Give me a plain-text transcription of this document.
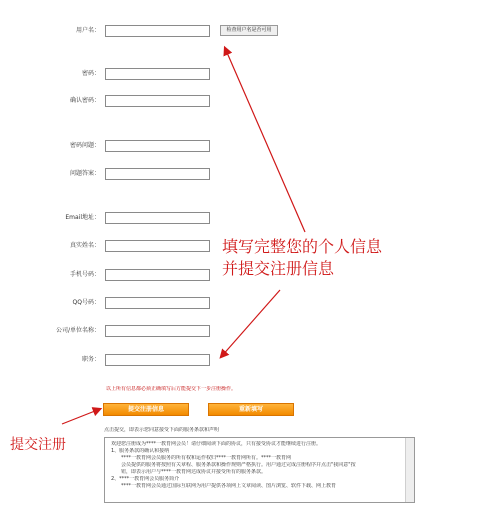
用户名：	检查用户名是否可用
密码：
确认密码：
密码问题：
问题答案：
Email地址：
真实姓名：
手机号码：
QQ号码：
公司/单位名称：
职务：
以上所有信息都必须正确填写后方能提交下一步注册操作。
提交注册信息	重新填写
点击提交，即表示您同意接受下面的服务条款和声明
欢迎您注册成为****一教育网会员！请仔细阅读下面的协议，只有接受协议才能继续进行注册。
1、服务条款的确认和接纳
****一教育网会员服务的所有权和运作权归****一教育网所有。****一教育网
会员提供的服务将按照有关章程、服务条款和操作规则严格执行。用户通过完成注册程序并点击"我同意"按
钮，即表示用户与****一教育网达成协议并接受所有的服务条款。
2、****一教育网会员服务简介
****一教育网会员通过国际互联网为用户提供各项网上文章阅读、图片浏览、软件下载、网上教育
填写完整您的个人信息
并提交注册信息
提交注册
